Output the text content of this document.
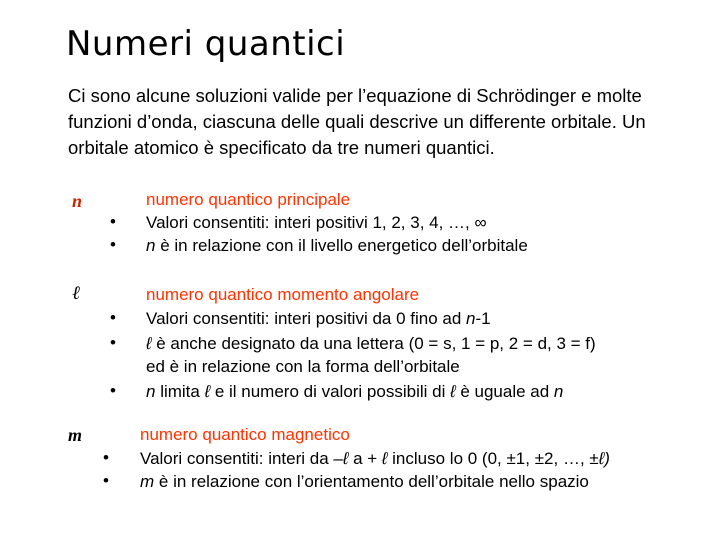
Numeri quantici
Ci sono alcune soluzioni valide per l’equazione di Schrödinger e molte funzioni d’onda, ciascuna delle quali descrive un differente orbitale. Un orbitale atomico è specificato da tre numeri quantici.
n	numero quantico principale
• Valori consentiti: interi positivi 1, 2, 3, 4, …, ∞
• n è in relazione con il livello energetico dell’orbitale
ℓ	numero quantico momento angolare
• Valori consentiti: interi positivi da 0 fino ad n-1
• ℓ è anche designato da una lettera (0 = s, 1 = p, 2 = d, 3 = f)
ed è in relazione con la forma dell’orbitale
• n limita ℓ e il numero di valori possibili di ℓ è uguale ad n
m	numero quantico magnetico
• Valori consentiti: interi da –ℓ a + ℓ incluso lo 0 (0, ±1, ±2, …, ±ℓ)
• m è in relazione con l’orientamento dell’orbitale nello spazio
